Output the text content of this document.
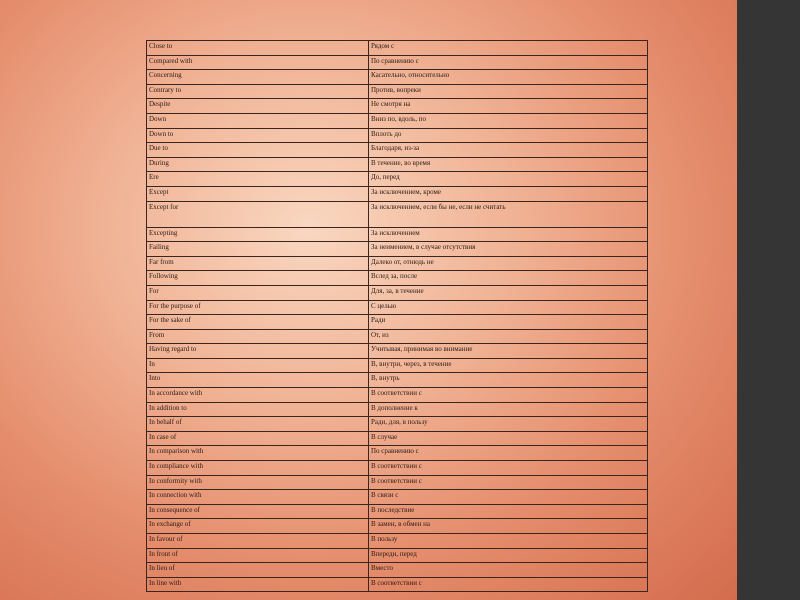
Close to	Рядом с
Compared with	По сравнению с
Concerning	Касательно, относительно
Contrary to	Против, вопреки
Despite	Не смотря на
Down	Вниз по, вдоль, по
Down to	Вплоть до
Due to	Благодаря, из-за
During	В течение, во время
Ere	До, перед
Except	За исключением, кроме
Except for	За исключением, если бы не, если не считать
Excepting	За исключением
Failing	За неимением, в случае отсутствия
Far from	Далеко от, отнюдь не
Following	Вслед за, после
For	Для, за, в течение
For the purpose of	С целью
For the sake of	Ради
From	От, из
Having regard to	Учитывая, принимая во внимание
In	В, внутри, через, в течение
Into	В, внутрь
In accordance with	В соответствии с
In addition to	В дополнение к
In behalf of	Ради, для, в пользу
In case of	В случае
In comparison with	По сравнению с
In compliance with	В соответствии с
In conformity with	В соответствии с
In connection with	В связи с
In consequence of	В последствие
In exchange of	В замен, в обмен на
In favour of	В пользу
In front of	Впереди, перед
In lieu of	Вместо
In line with	В соответствии с
